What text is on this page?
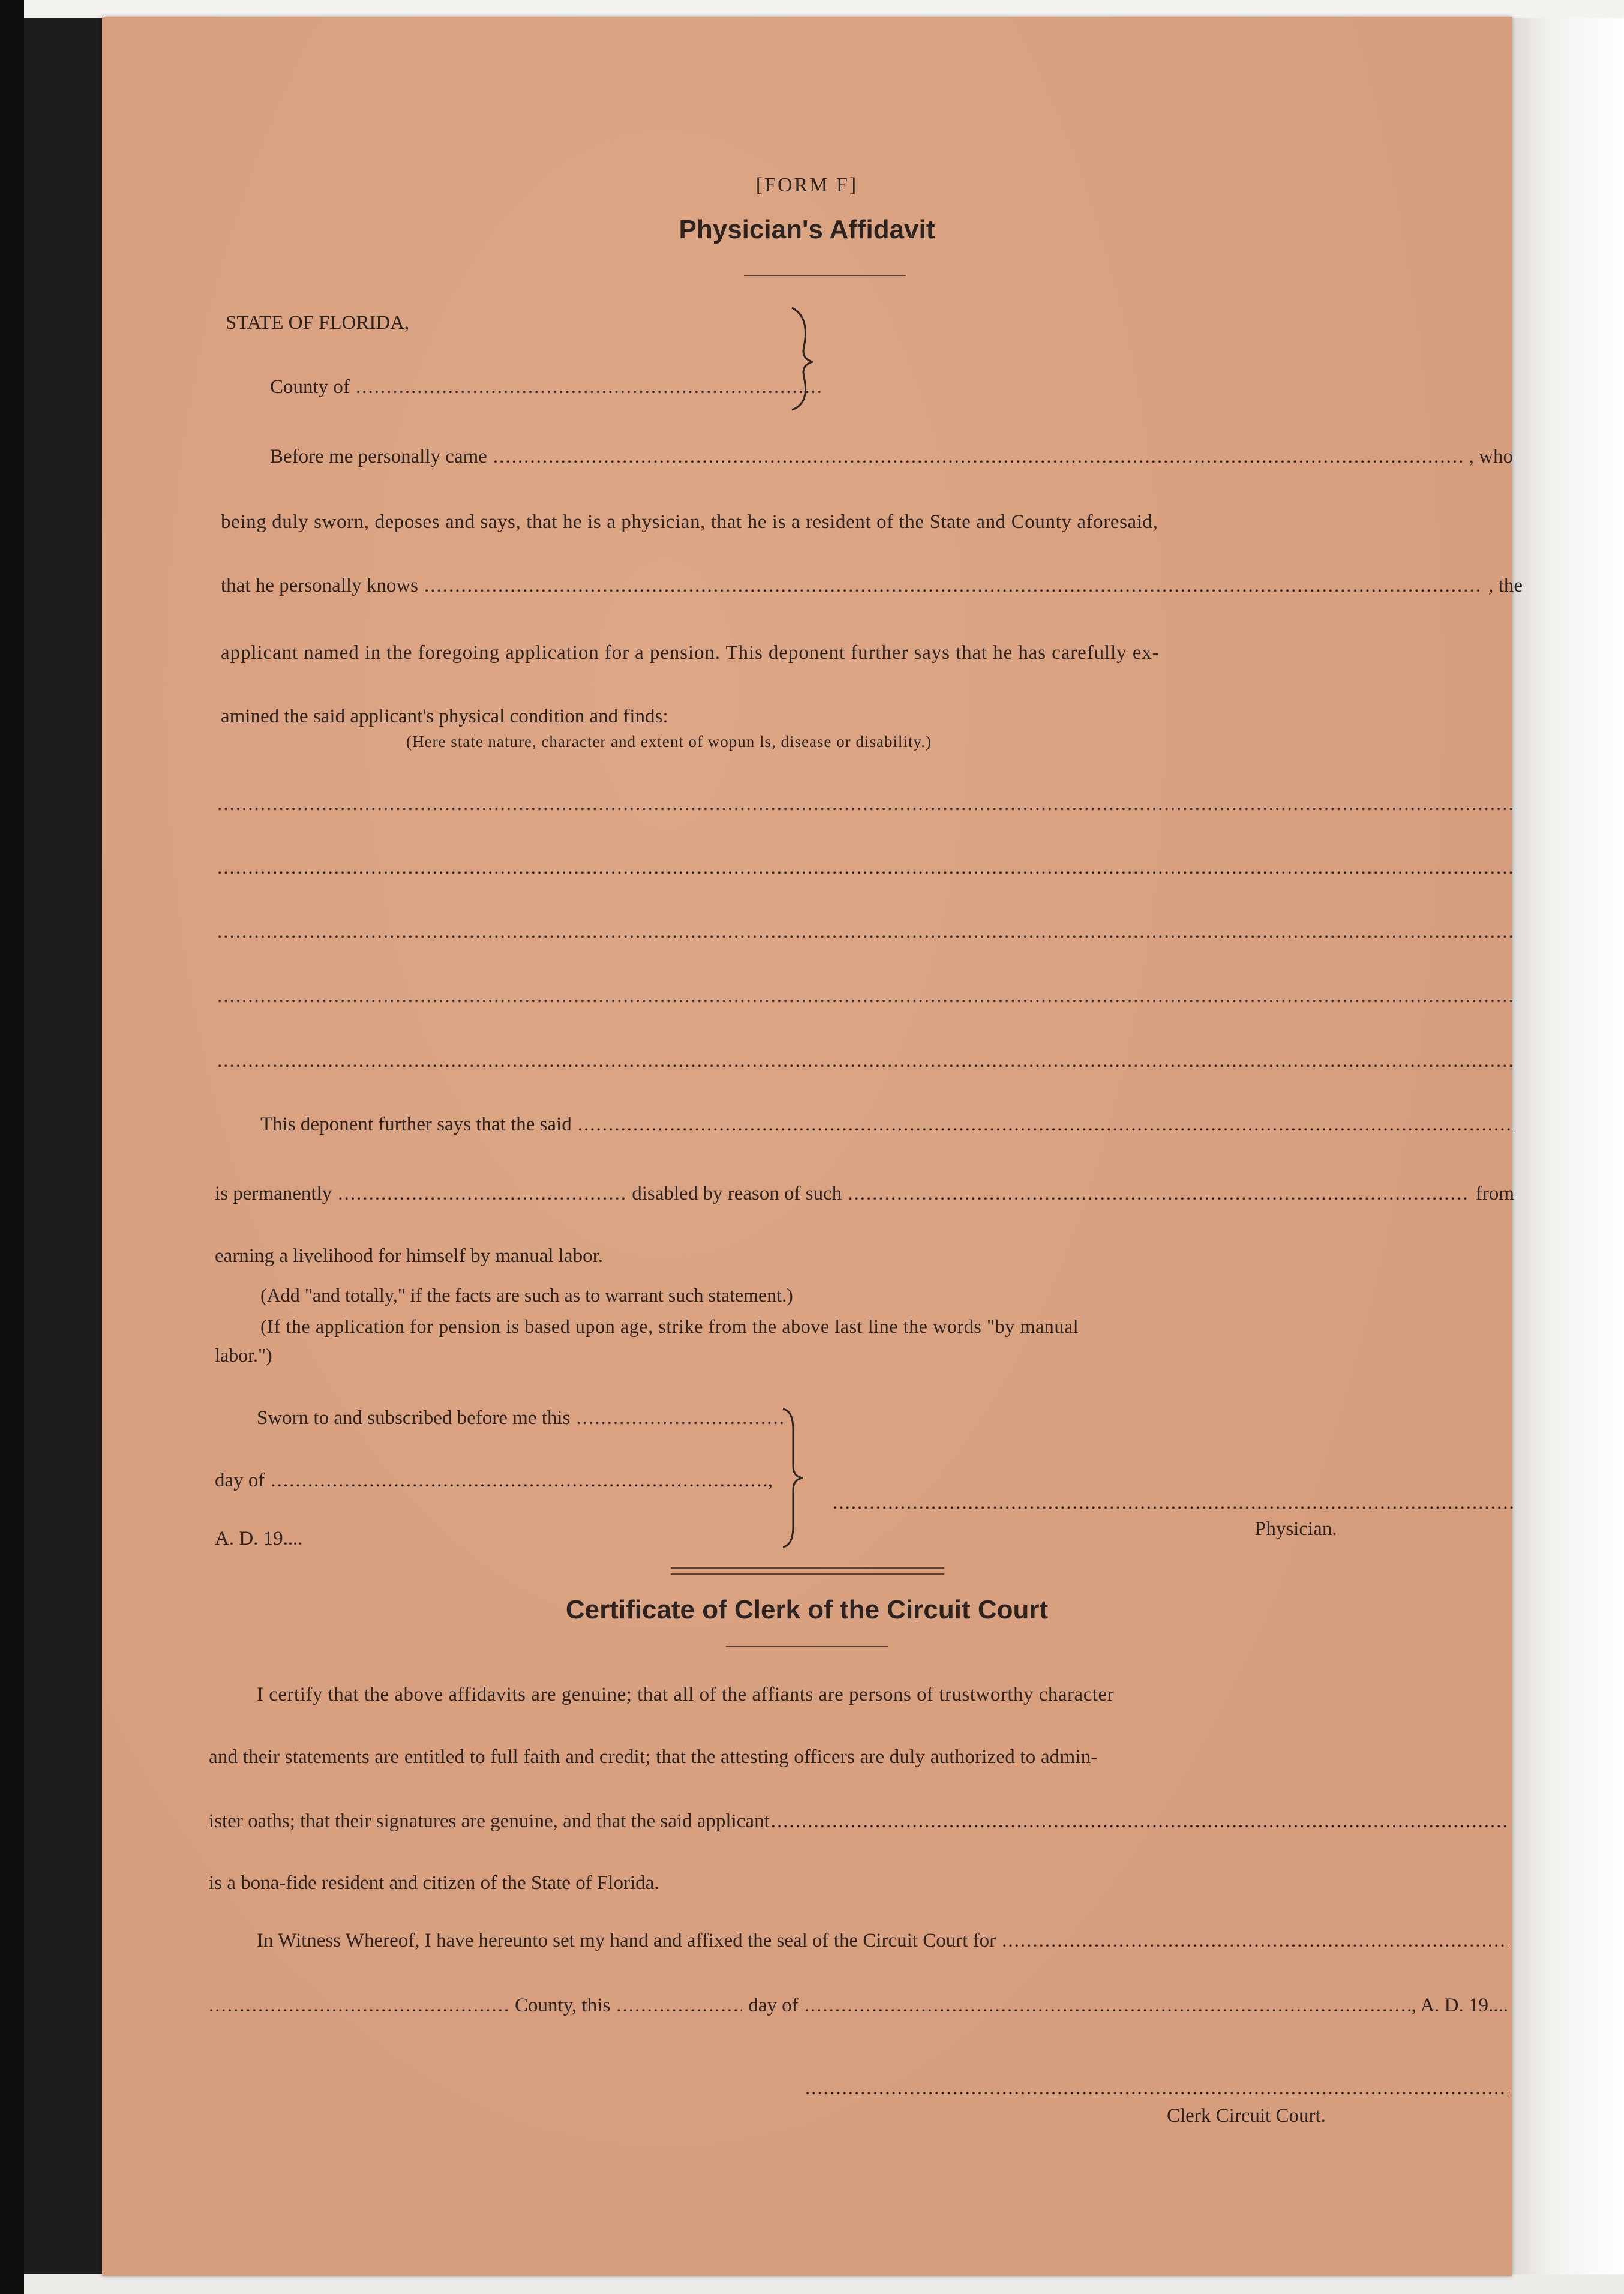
[FORM F]
Physician's Affidavit
STATE OF FLORIDA,
County of
.....
Before me personally came .....	, who
being duly sworn, deposes and says, that he is a physician, that he is a resident of the State and County aforesaid,
that he personally knows .....	, the
applicant named in the foregoing application for a pension. This deponent further says that he has carefully ex-
amined the said applicant's physical condition and finds:
(Here state nature, character and extent of wopun ls, disease or disability.)
.....
.....
.....
.....
.....
This deponent further says that the said
.....
is permanently .....	disabled by reason of such .....	from
earning a livelihood for himself by manual labor.
(Add "and totally," if the facts are such as to warrant such statement.)
(If the application for pension is based upon age, strike from the above last line the words "by manual
labor.")
Sworn to and subscribed before me this
.....
day of .....	,
A. D. 19....
.....	Physician.
Certificate of Clerk of the Circuit Court
I certify that the above affidavits are genuine; that all of the affiants are persons of trustworthy character
and their statements are entitled to full faith and credit; that the attesting officers are duly authorized to admin-
ister oaths; that their signatures are genuine, and that the said applicant
.....
is a bona-fide resident and citizen of the State of Florida.
In Witness Whereof, I have hereunto set my hand and affixed the seal of the Circuit Court for
.....
.....
County, this .....	day of .....	, A. D. 19....
.....
Clerk Circuit Court.
